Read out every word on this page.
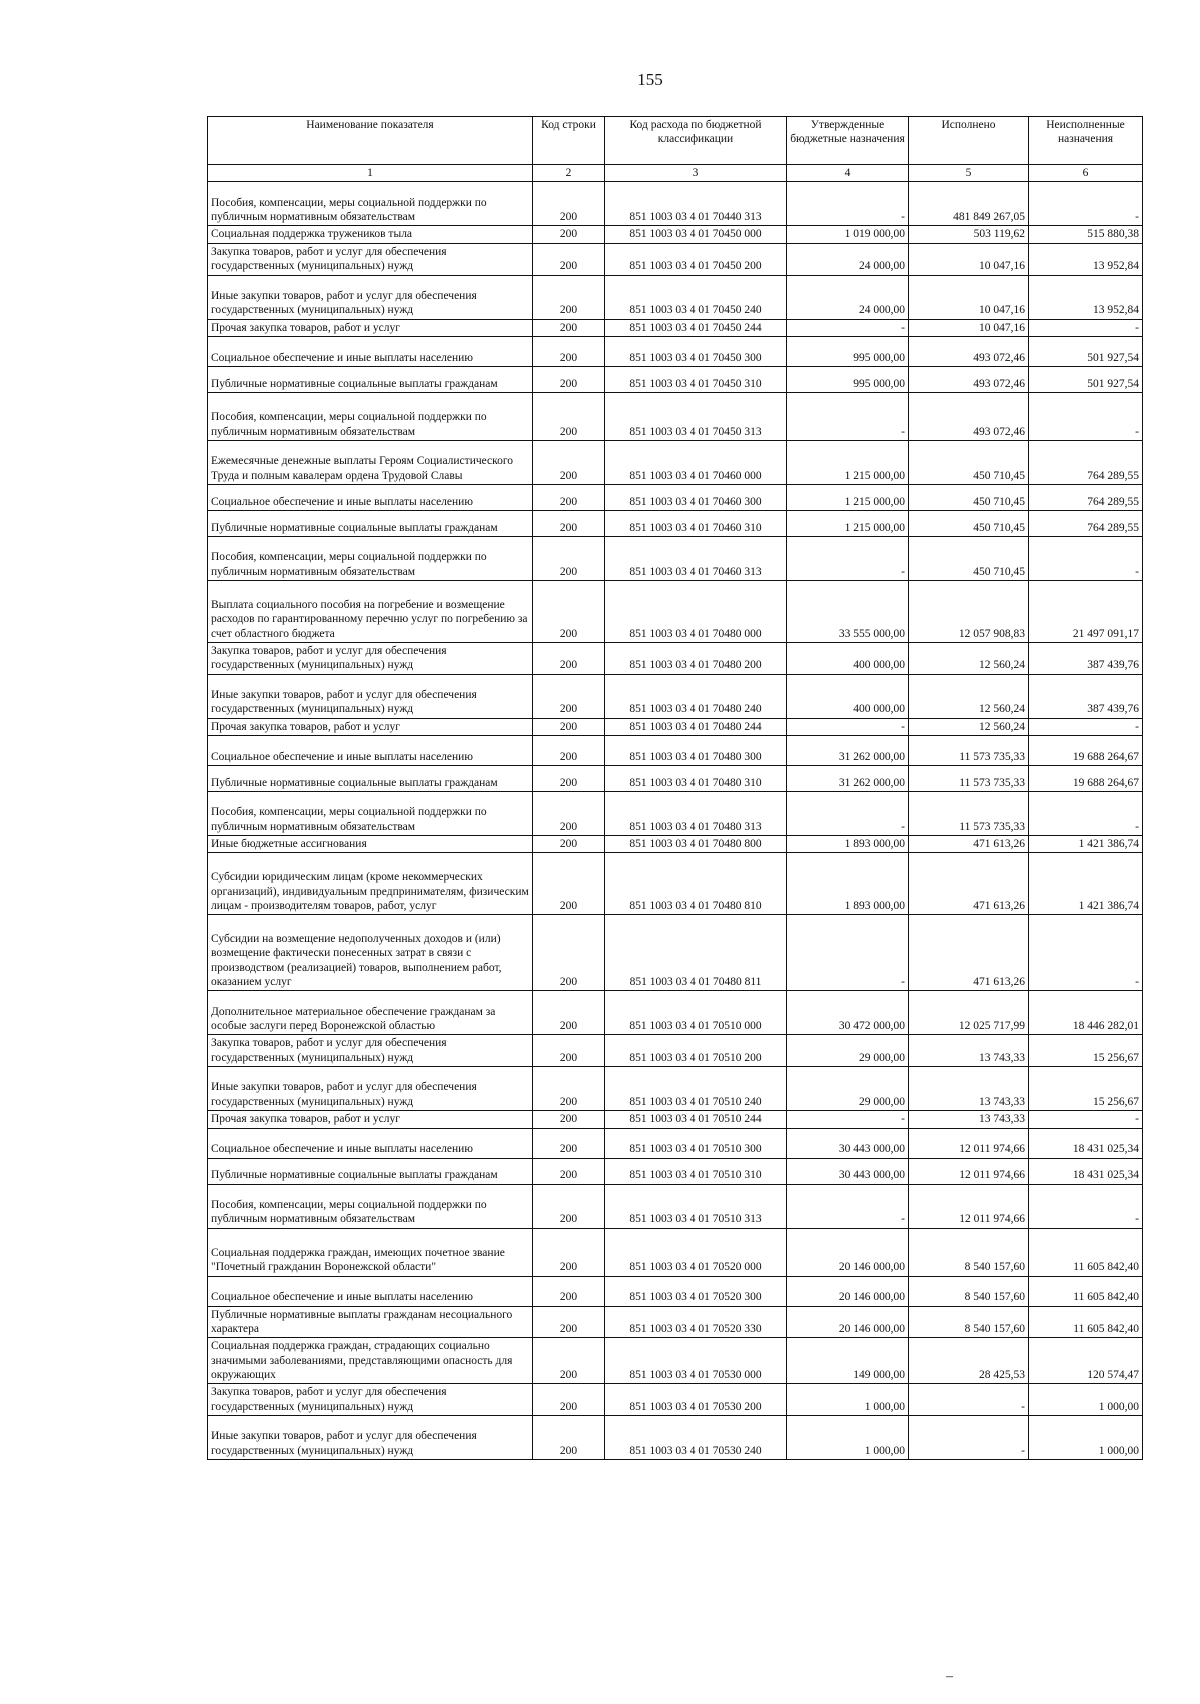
155
Наименование показателя	Код строки	Код расхода по бюджетной классификации	Утвержденные бюджетные назначения	Исполнено	Неисполненные назначения
1	2	3	4	5	6
Пособия, компенсации, меры социальной поддержки по публичным нормативным обязательствам	200	851 1003 03 4 01 70440 313	-	481 849 267,05	-
Социальная поддержка тружеников тыла	200	851 1003 03 4 01 70450 000	1 019 000,00	503 119,62	515 880,38
Закупка товаров, работ и услуг для обеспечения государственных (муниципальных) нужд	200	851 1003 03 4 01 70450 200	24 000,00	10 047,16	13 952,84
Иные закупки товаров, работ и услуг для обеспечения государственных (муниципальных) нужд	200	851 1003 03 4 01 70450 240	24 000,00	10 047,16	13 952,84
Прочая закупка товаров, работ и услуг	200	851 1003 03 4 01 70450 244	-	10 047,16	-
Социальное обеспечение и иные выплаты населению	200	851 1003 03 4 01 70450 300	995 000,00	493 072,46	501 927,54
Публичные нормативные социальные выплаты гражданам	200	851 1003 03 4 01 70450 310	995 000,00	493 072,46	501 927,54
Пособия, компенсации, меры социальной поддержки по публичным нормативным обязательствам	200	851 1003 03 4 01 70450 313	-	493 072,46	-
Ежемесячные денежные выплаты Героям Социалистического Труда и полным кавалерам ордена Трудовой Славы	200	851 1003 03 4 01 70460 000	1 215 000,00	450 710,45	764 289,55
Социальное обеспечение и иные выплаты населению	200	851 1003 03 4 01 70460 300	1 215 000,00	450 710,45	764 289,55
Публичные нормативные социальные выплаты гражданам	200	851 1003 03 4 01 70460 310	1 215 000,00	450 710,45	764 289,55
Пособия, компенсации, меры социальной поддержки по публичным нормативным обязательствам	200	851 1003 03 4 01 70460 313	-	450 710,45	-
Выплата социального пособия на погребение и возмещение расходов по гарантированному перечню услуг по погребению за счет областного бюджета	200	851 1003 03 4 01 70480 000	33 555 000,00	12 057 908,83	21 497 091,17
Закупка товаров, работ и услуг для обеспечения государственных (муниципальных) нужд	200	851 1003 03 4 01 70480 200	400 000,00	12 560,24	387 439,76
Иные закупки товаров, работ и услуг для обеспечения государственных (муниципальных) нужд	200	851 1003 03 4 01 70480 240	400 000,00	12 560,24	387 439,76
Прочая закупка товаров, работ и услуг	200	851 1003 03 4 01 70480 244	-	12 560,24	-
Социальное обеспечение и иные выплаты населению	200	851 1003 03 4 01 70480 300	31 262 000,00	11 573 735,33	19 688 264,67
Публичные нормативные социальные выплаты гражданам	200	851 1003 03 4 01 70480 310	31 262 000,00	11 573 735,33	19 688 264,67
Пособия, компенсации, меры социальной поддержки по публичным нормативным обязательствам	200	851 1003 03 4 01 70480 313	-	11 573 735,33	-
Иные бюджетные ассигнования	200	851 1003 03 4 01 70480 800	1 893 000,00	471 613,26	1 421 386,74
Субсидии юридическим лицам (кроме некоммерческих организаций), индивидуальным предпринимателям, физическим лицам - производителям товаров, работ, услуг	200	851 1003 03 4 01 70480 810	1 893 000,00	471 613,26	1 421 386,74
Субсидии на возмещение недополученных доходов и (или) возмещение фактически понесенных затрат в связи с производством (реализацией) товаров, выполнением работ, оказанием услуг	200	851 1003 03 4 01 70480 811	-	471 613,26	-
Дополнительное материальное обеспечение гражданам за особые заслуги перед Воронежской областью	200	851 1003 03 4 01 70510 000	30 472 000,00	12 025 717,99	18 446 282,01
Закупка товаров, работ и услуг для обеспечения государственных (муниципальных) нужд	200	851 1003 03 4 01 70510 200	29 000,00	13 743,33	15 256,67
Иные закупки товаров, работ и услуг для обеспечения государственных (муниципальных) нужд	200	851 1003 03 4 01 70510 240	29 000,00	13 743,33	15 256,67
Прочая закупка товаров, работ и услуг	200	851 1003 03 4 01 70510 244	-	13 743,33	-
Социальное обеспечение и иные выплаты населению	200	851 1003 03 4 01 70510 300	30 443 000,00	12 011 974,66	18 431 025,34
Публичные нормативные социальные выплаты гражданам	200	851 1003 03 4 01 70510 310	30 443 000,00	12 011 974,66	18 431 025,34
Пособия, компенсации, меры социальной поддержки по публичным нормативным обязательствам	200	851 1003 03 4 01 70510 313	-	12 011 974,66	-
Социальная поддержка граждан, имеющих почетное звание "Почетный гражданин Воронежской области"	200	851 1003 03 4 01 70520 000	20 146 000,00	8 540 157,60	11 605 842,40
Социальное обеспечение и иные выплаты населению	200	851 1003 03 4 01 70520 300	20 146 000,00	8 540 157,60	11 605 842,40
Публичные нормативные выплаты гражданам несоциального характера	200	851 1003 03 4 01 70520 330	20 146 000,00	8 540 157,60	11 605 842,40
Социальная поддержка граждан, страдающих социально значимыми заболеваниями, представляющими опасность для окружающих	200	851 1003 03 4 01 70530 000	149 000,00	28 425,53	120 574,47
Закупка товаров, работ и услуг для обеспечения государственных (муниципальных) нужд	200	851 1003 03 4 01 70530 200	1 000,00	-	1 000,00
Иные закупки товаров, работ и услуг для обеспечения государственных (муниципальных) нужд	200	851 1003 03 4 01 70530 240	1 000,00	-	1 000,00
‒
